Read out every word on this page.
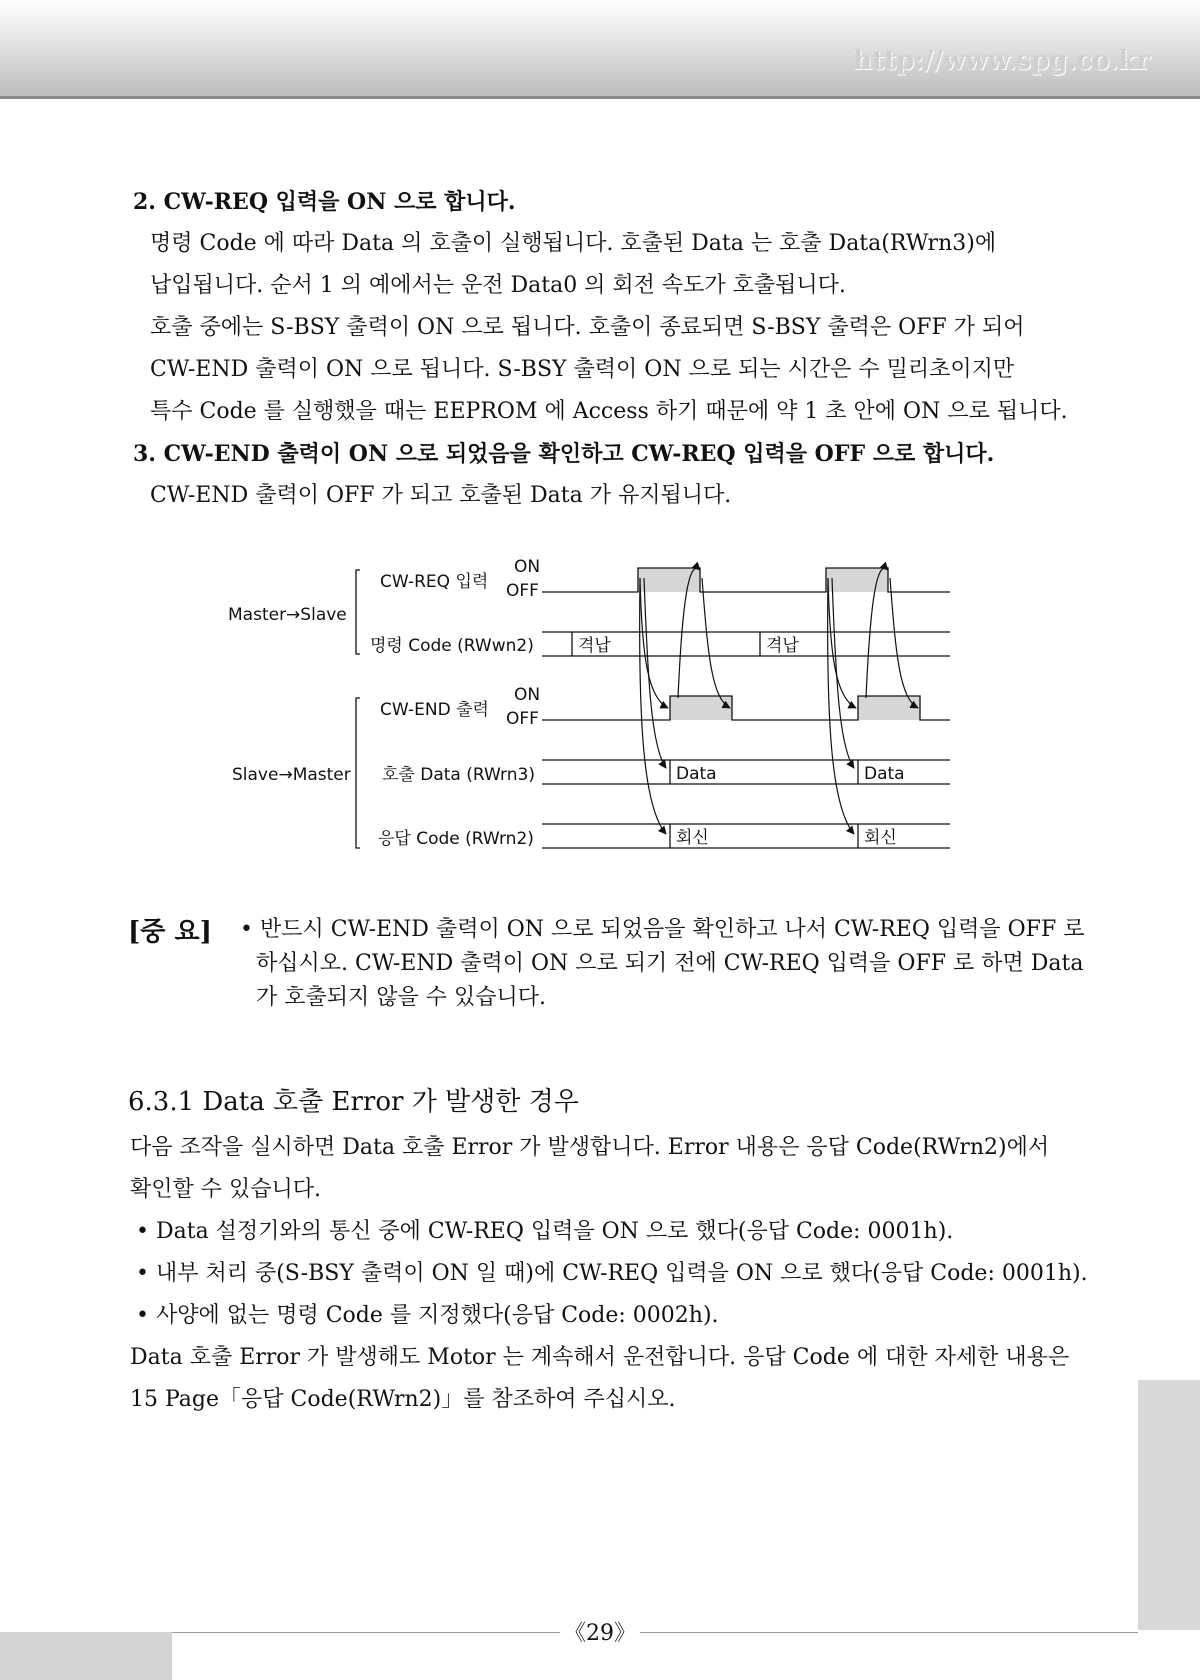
http://www.spg.co.kr
2. CW-REQ 입력을 ON 으로 합니다.
명령 Code 에 따라 Data 의 호출이 실행됩니다. 호출된 Data 는 호출 Data(RWrn3)에
납입됩니다. 순서 1 의 예에서는 운전 Data0 의 회전 속도가 호출됩니다.
호출 중에는 S-BSY 출력이 ON 으로 됩니다. 호출이 종료되면 S-BSY 출력은 OFF 가 되어
CW-END 출력이 ON 으로 됩니다. S-BSY 출력이 ON 으로 되는 시간은 수 밀리초이지만
특수 Code 를 실행했을 때는 EEPROM 에 Access 하기 때문에 약 1 초 안에 ON 으로 됩니다.
3. CW-END 출력이 ON 으로 되었음을 확인하고 CW-REQ 입력을 OFF 으로 합니다.
CW-END 출력이 OFF 가 되고 호출된 Data 가 유지됩니다.
Master→Slave
Slave→Master
CW-REQ 입력
명령 Code (RWwn2)
CW-END 출력
호출 Data (RWrn3)
응답 Code (RWrn2)
ON
OFF
ON
OFF
격납	격납
Data	Data
회신	회신
[중 요] • 반드시 CW-END 출력이 ON 으로 되었음을 확인하고 나서 CW-REQ 입력을 OFF 로
하십시오. CW-END 출력이 ON 으로 되기 전에 CW-REQ 입력을 OFF 로 하면 Data
가 호출되지 않을 수 있습니다.
6.3.1 Data 호출 Error 가 발생한 경우
다음 조작을 실시하면 Data 호출 Error 가 발생합니다. Error 내용은 응답 Code(RWrn2)에서
확인할 수 있습니다.
• Data 설정기와의 통신 중에 CW-REQ 입력을 ON 으로 했다(응답 Code: 0001h).
• 내부 처리 중(S-BSY 출력이 ON 일 때)에 CW-REQ 입력을 ON 으로 했다(응답 Code: 0001h).
• 사양에 없는 명령 Code 를 지정했다(응답 Code: 0002h).
Data 호출 Error 가 발생해도 Motor 는 계속해서 운전합니다. 응답 Code 에 대한 자세한 내용은
15 Page「응답 Code(RWrn2)」를 참조하여 주십시오.
《29》
